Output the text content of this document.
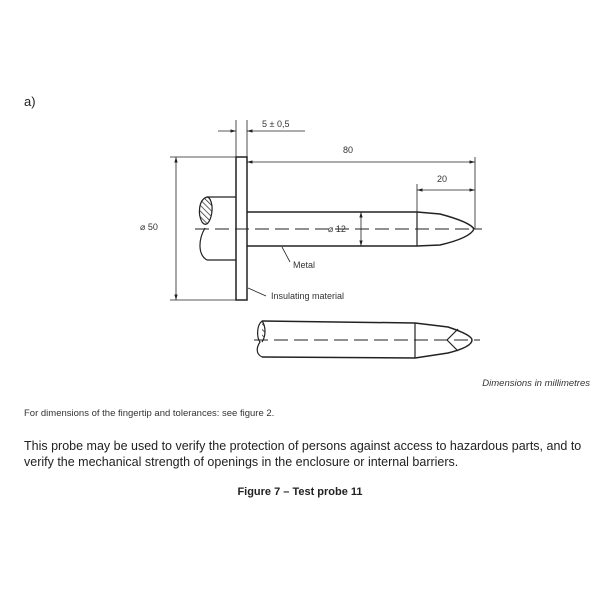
a)
5 ± 0,5
80
20
⌀ 50	⌀ 12
Metal
Insulating material
Dimensions in millimetres
For dimensions of the fingertip and tolerances: see figure 2.
This probe may be used to verify the protection of persons against access to hazardous parts, and to verify the mechanical strength of openings in the enclosure or internal barriers.
Figure 7 – Test probe 11
